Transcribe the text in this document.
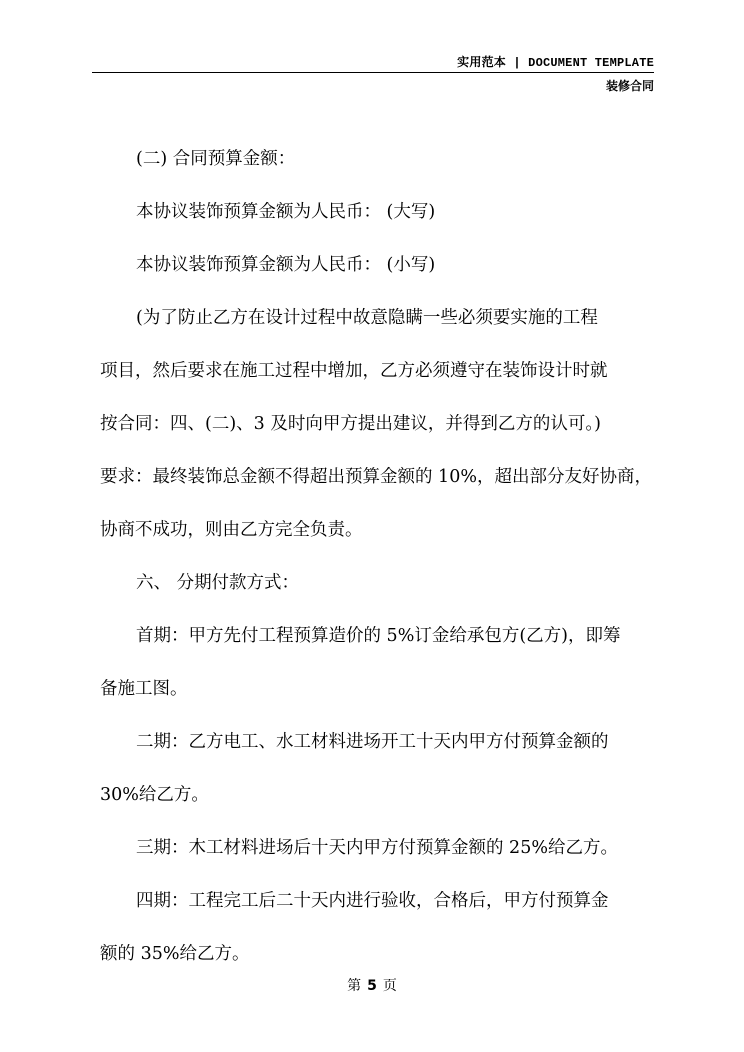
实用范本 | DOCUMENT TEMPLATE
装修合同

(二) 合同预算金额：

本协议装饰预算金额为人民币： (大写)

本协议装饰预算金额为人民币： (小写)

(为了防止乙方在设计过程中故意隐瞒一些必须要实施的工程

项目，然后要求在施工过程中增加，乙方必须遵守在装饰设计时就

按合同：四、(二)、3 及时向甲方提出建议，并得到乙方的认可。)

要求：最终装饰总金额不得超出预算金额的 10%，超出部分友好协商，

协商不成功，则由乙方完全负责。

六、 分期付款方式：

首期：甲方先付工程预算造价的 5%订金给承包方(乙方)，即筹

备施工图。

二期：乙方电工、水工材料进场开工十天内甲方付预算金额的

30%给乙方。

三期：木工材料进场后十天内甲方付预算金额的 25%给乙方。

四期：工程完工后二十天内进行验收，合格后，甲方付预算金

额的 35%给乙方。

第 5 页
